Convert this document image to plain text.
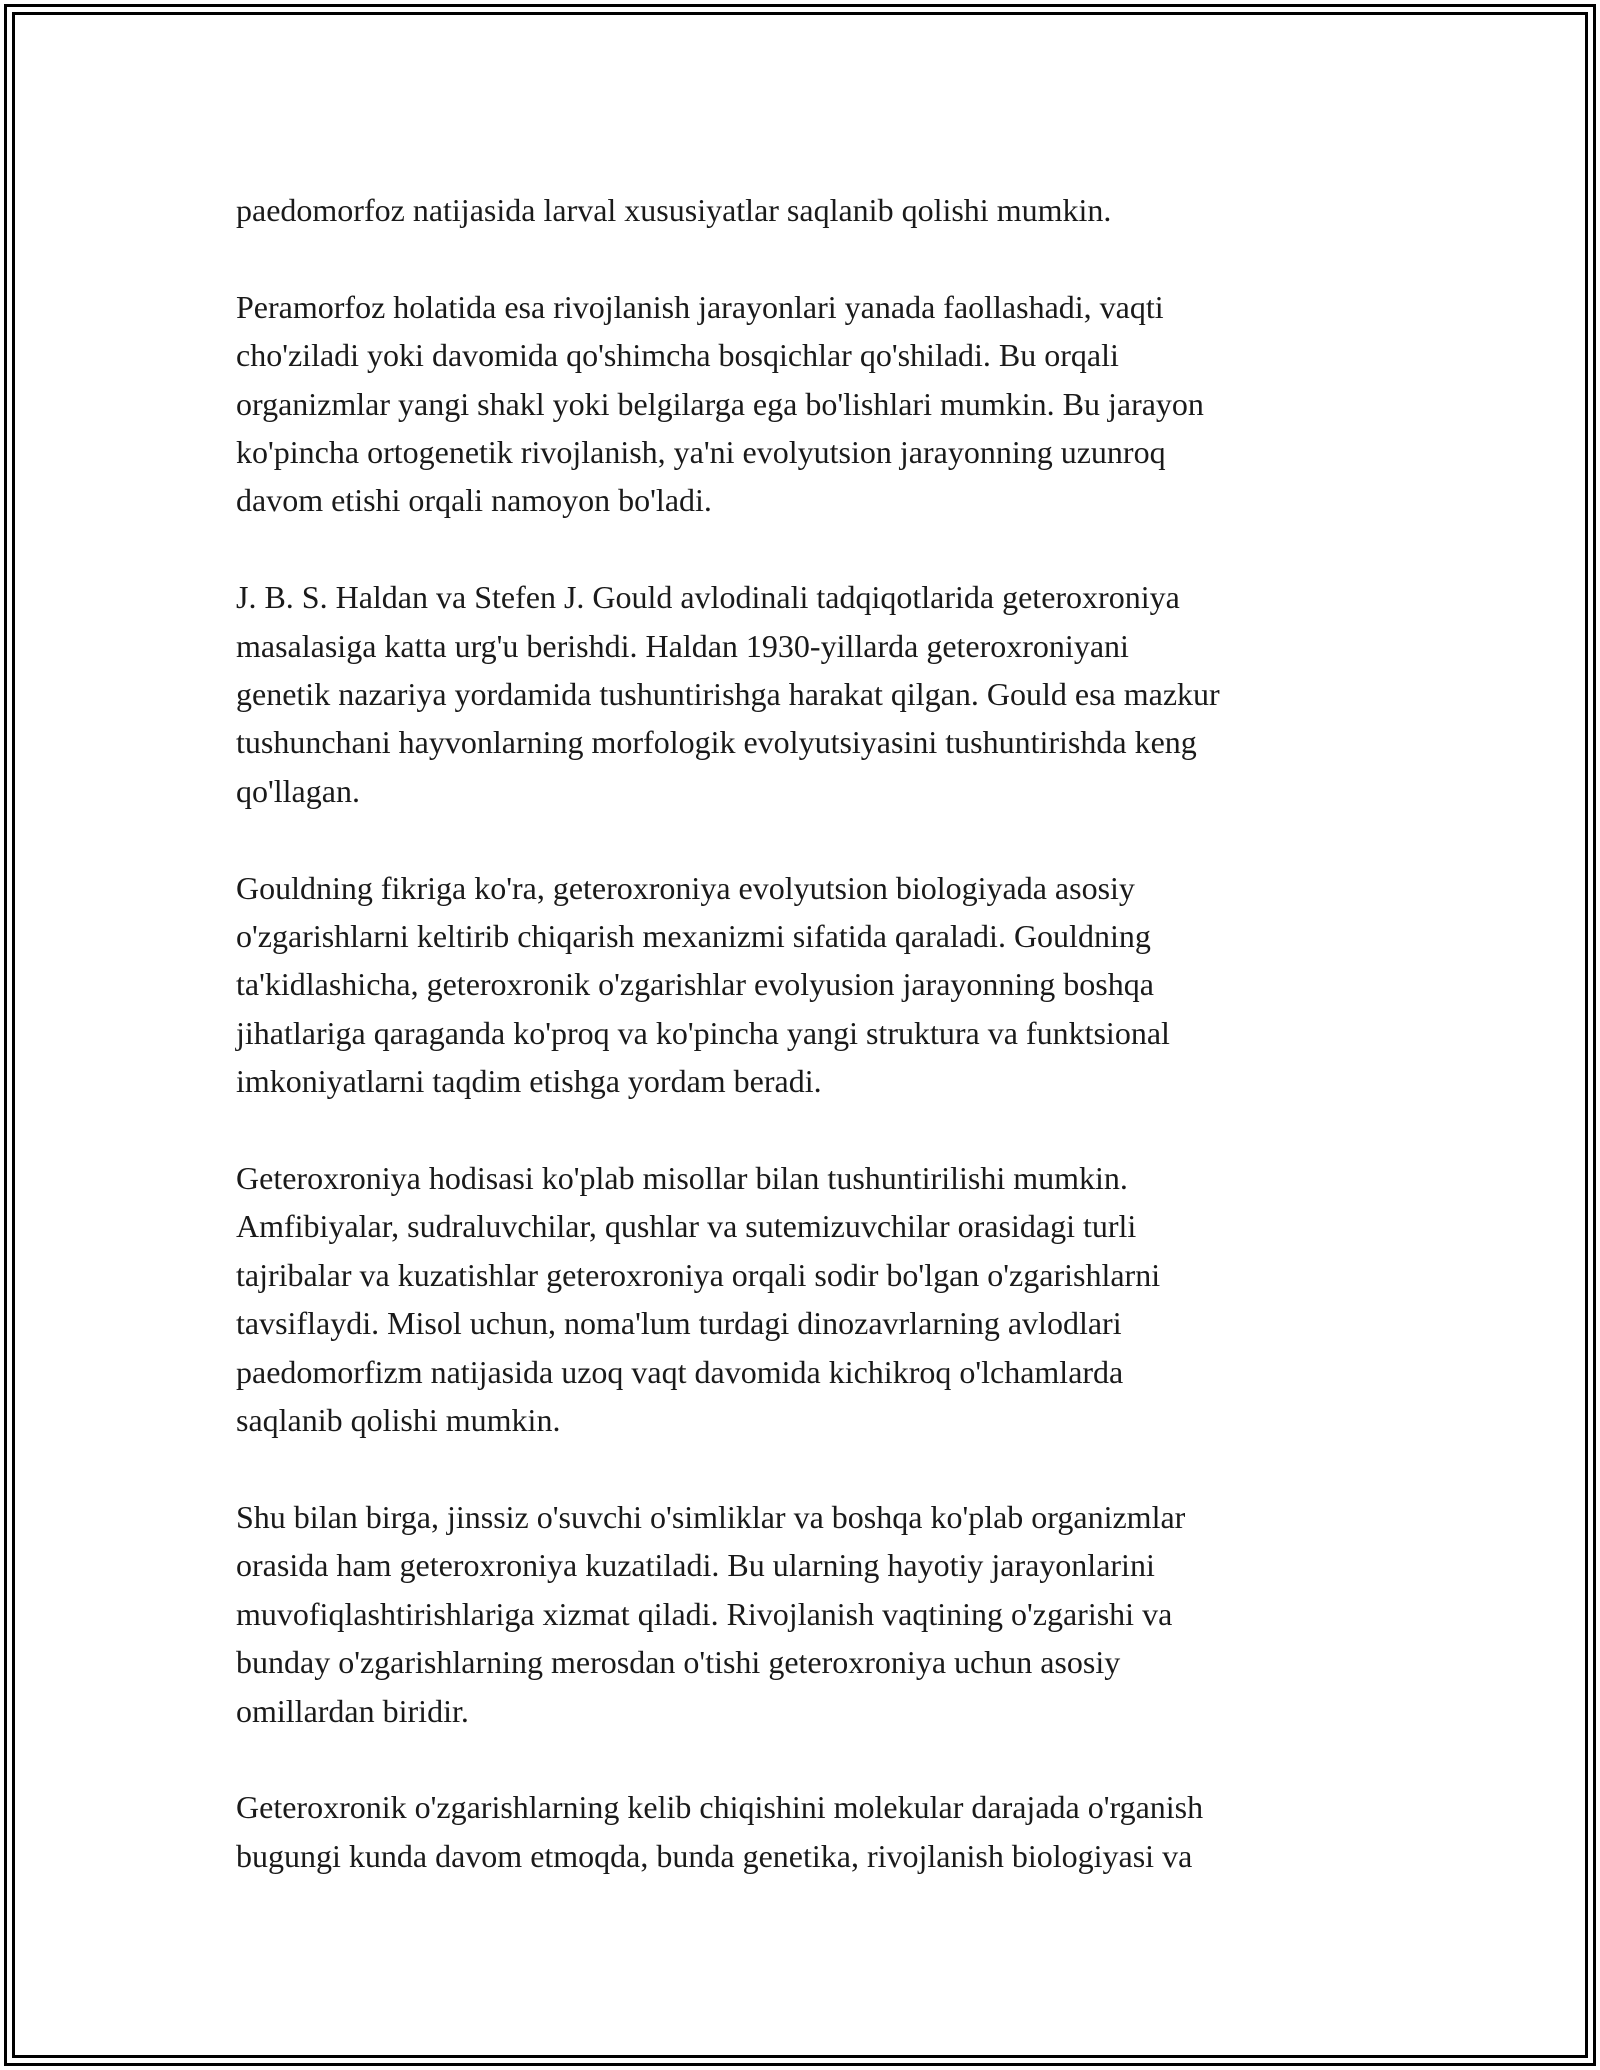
paedomorfoz natijasida larval xususiyatlar saqlanib qolishi mumkin.

Peramorfoz holatida esa rivojlanish jarayonlari yanada faollashadi, vaqti
cho'ziladi yoki davomida qo'shimcha bosqichlar qo'shiladi. Bu orqali
organizmlar yangi shakl yoki belgilarga ega bo'lishlari mumkin. Bu jarayon
ko'pincha ortogenetik rivojlanish, ya'ni evolyutsion jarayonning uzunroq
davom etishi orqali namoyon bo'ladi.

J. B. S. Haldan va Stefen J. Gould avlodinali tadqiqotlarida geteroxroniya
masalasiga katta urg'u berishdi. Haldan 1930-yillarda geteroxroniyani
genetik nazariya yordamida tushuntirishga harakat qilgan. Gould esa mazkur
tushunchani hayvonlarning morfologik evolyutsiyasini tushuntirishda keng
qo'llagan.

Gouldning fikriga ko'ra, geteroxroniya evolyutsion biologiyada asosiy
o'zgarishlarni keltirib chiqarish mexanizmi sifatida qaraladi. Gouldning
ta'kidlashicha, geteroxronik o'zgarishlar evolyusion jarayonning boshqa
jihatlariga qaraganda ko'proq va ko'pincha yangi struktura va funktsional
imkoniyatlarni taqdim etishga yordam beradi.

Geteroxroniya hodisasi ko'plab misollar bilan tushuntirilishi mumkin.
Amfibiyalar, sudraluvchilar, qushlar va sutemizuvchilar orasidagi turli
tajribalar va kuzatishlar geteroxroniya orqali sodir bo'lgan o'zgarishlarni
tavsiflaydi. Misol uchun, noma'lum turdagi dinozavrlarning avlodlari
paedomorfizm natijasida uzoq vaqt davomida kichikroq o'lchamlarda
saqlanib qolishi mumkin.

Shu bilan birga, jinssiz o'suvchi o'simliklar va boshqa ko'plab organizmlar
orasida ham geteroxroniya kuzatiladi. Bu ularning hayotiy jarayonlarini
muvofiqlashtirishlariga xizmat qiladi. Rivojlanish vaqtining o'zgarishi va
bunday o'zgarishlarning merosdan o'tishi geteroxroniya uchun asosiy
omillardan biridir.

Geteroxronik o'zgarishlarning kelib chiqishini molekular darajada o'rganish
bugungi kunda davom etmoqda, bunda genetika, rivojlanish biologiyasi va
